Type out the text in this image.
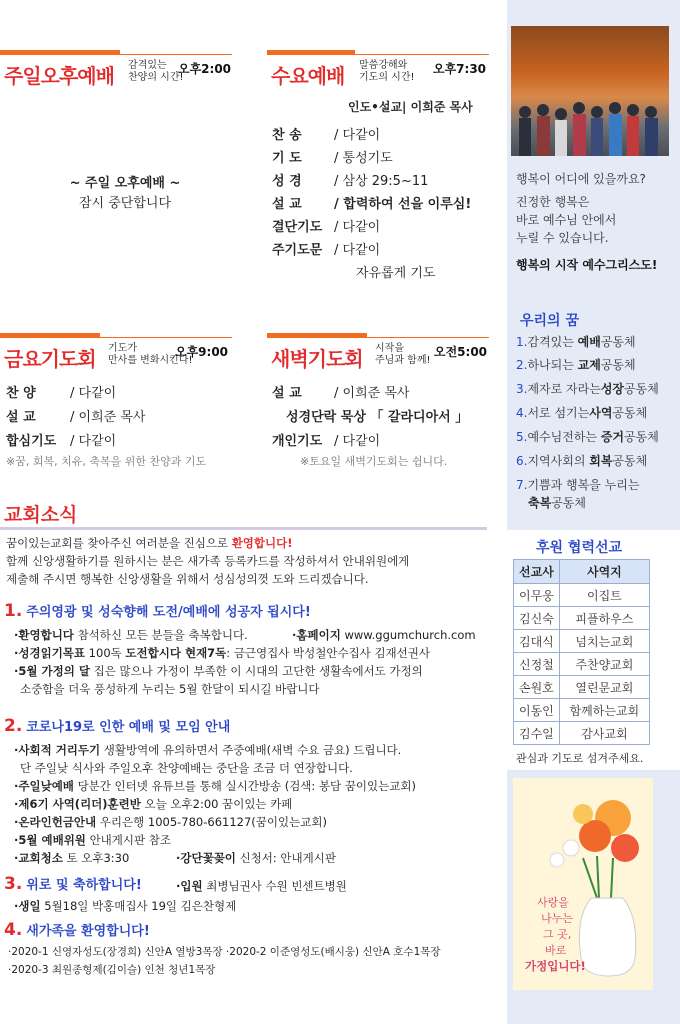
주일오후예배 감격있는
찬양의 시간!
오후2:00
~ 주일 오후예배 ~
잠시 중단합니다
수요예배 말씀강해와
기도의 시간!
오후7:30
인도•설교| 이희준 목사
찬 송 / 다같이
기 도 / 통성기도
성 경 / 삼상 29:5~11
설 교 / 합력하여 선을 이루심!
결단기도 / 다같이
주기도문 / 다같이
자유롭게 기도
금요기도회 기도가
만사를 변화시킨다!
오후9:00
찬 양	/ 다같이
설 교	/ 이희준 목사
합심기도 / 다같이
※꿈, 회복, 치유, 축복을 위한 찬양과 기도
새벽기도회 시작을
주님과 함께!
오전5:00
설 교 / 이희준 목사
성경단락 묵상 「 갈라디아서 」
개인기도 / 다같이
※토요일 새벽기도회는 쉽니다.
교회소식
꿈이있는교회를 찾아주신 여러분을 진심으로 환영합니다!
함께 신앙생활하기를 원하시는 분은 새가족 등록카드를 작성하셔서 안내위원에게
제출해 주시면 행복한 신앙생활을 위해서 성심성의껏 도와 드리겠습니다.
1. 주의영광 및 성숙향해 도전/예배에 성공자 됩시다!
·환영합니다 참석하신 모든 분들을 축복합니다.	·홈페이지 www.ggumchurch.com
·성경읽기목표 100독 도전합시다 현재7독: 금근영집사 박성철안수집사 김재선권사
·5월 가정의 달 집은 많으나 가정이 부족한 이 시대의 고단한 생활속에서도 가정의
소중함을 더욱 풍성하게 누리는 5월 한달이 되시길 바랍니다
2. 코로나19로 인한 예배 및 모임 안내
·사회적 거리두기 생활방역에 유의하면서 주중예배(새벽 수요 금요) 드립니다.
단 주일낮 식사와 주일오후 찬양예배는 중단을 조금 더 연장합니다.
·주일낮예배 당분간 인터넷 유튜브를 통해 실시간방송 (검색: 봉담 꿈이있는교회)
·제6기 사역(리더)훈련반 오늘 오후2:00 꿈이있는 카페
·온라인헌금안내 우리은행 1005-780-661127(꿈이있는교회)
·5월 예배위원 안내게시판 참조
·교회청소 토 오후3:30	·강단꽃꽂이 신청서: 안내게시판
3. 위로 및 축하합니다!	·입원 최병님권사 수원 빈센트병원
·생일 5월18일 박홍매집사 19일 김은찬형제
4. 새가족을 환영합니다!
·2020-1 신영자성도(장경희) 신안A 열방3목장 ·2020-2 이준영성도(배시웅) 신안A 호수1목장
·2020-3 최원종형제(김이슬) 인천 청년1목장
행복이 어디에 있을까요?
진정한 행복은
바로 예수님 안에서
누릴 수 있습니다.
행복의 시작 예수그리스도!
우리의 꿈
1.감격있는 예배공동체
2.하나되는 교제공동체
3.제자로 자라는성장공동체
4.서로 섬기는사역공동체
5.예수님전하는 증거공동체
6.지역사회의 회복공동체
7.기쁨과 행복을 누리는
축복공동체
후원 협력선교
선교사	사역지
이무웅	이집트
김신숙	피플하우스
김대식	넘치는교회
신정철	주찬양교회
손원호	열린문교회
이동인	함께하는교회
김수일	감사교회
관심과 기도로 섬겨주세요.
사랑을
나누는
그 곳,
바로
가정입니다!
